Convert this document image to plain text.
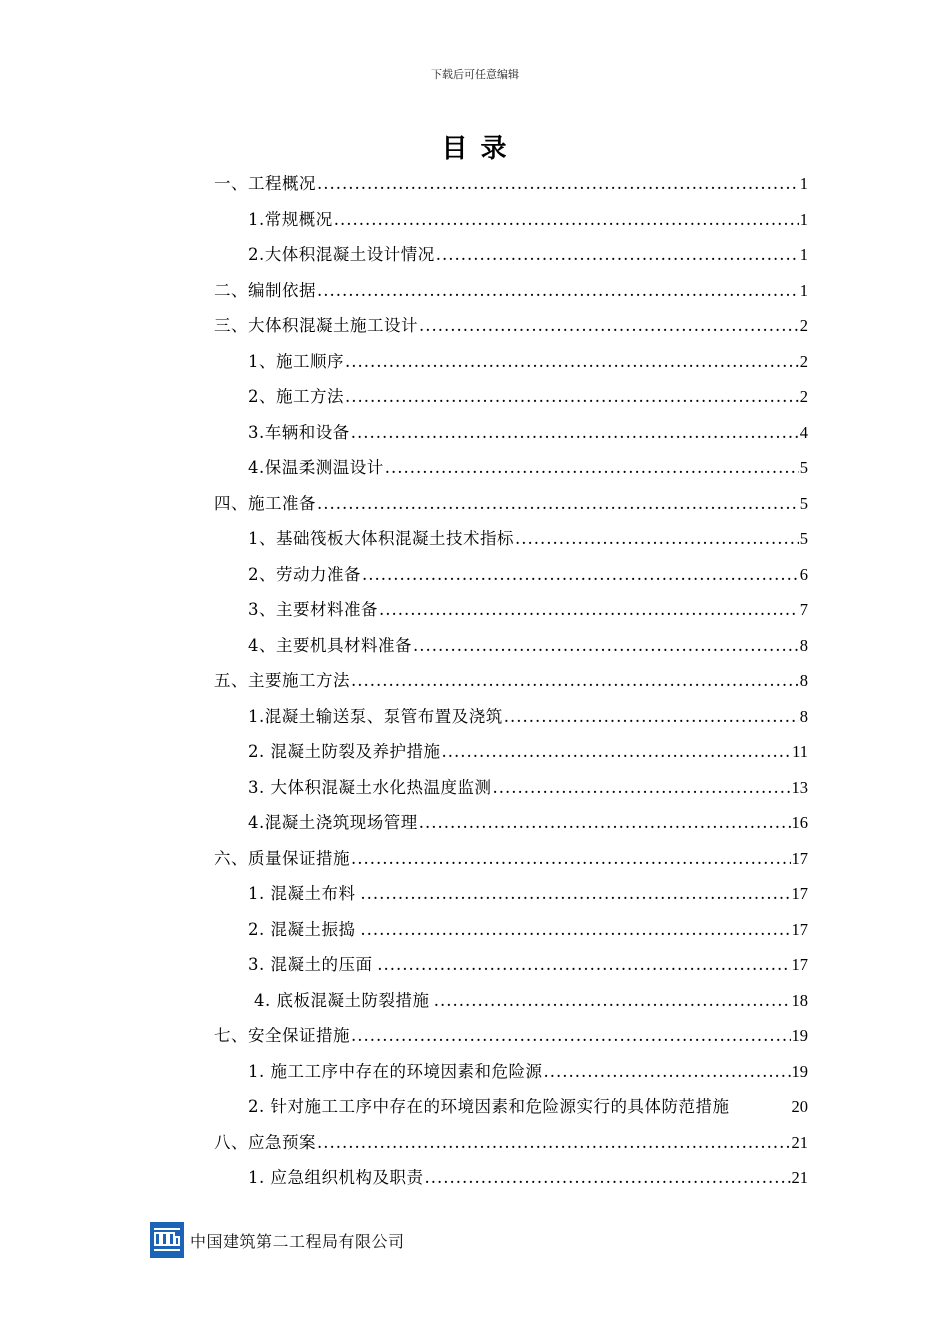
下载后可任意编辑
目 录
一、工程概况 .....	1
1.常规概况 .....	1
2.大体积混凝土设计情况 .....	1
二、编制依据 .....	1
三、大体积混凝土施工设计 .....	2
1、施工顺序 .....	2
2、施工方法 .....	2
3.车辆和设备 .....	4
4.保温柔测温设计 .....	5
四、施工准备 .....	5
1、基础筏板大体积混凝土技术指标 .....	5
2、劳动力准备 .....	6
3、主要材料准备 .....	7
4、主要机具材料准备 .....	8
五、主要施工方法 .....	8
1.混凝土输送泵、泵管布置及浇筑 .....	8
2. 混凝土防裂及养护措施 .....	11
3. 大体积混凝土水化热温度监测 .....	13
4.混凝土浇筑现场管理 .....	16
六、质量保证措施 .....	17
1. 混凝土布料 .....	17
2. 混凝土振捣 .....	17
3. 混凝土的压面 .....	17
4. 底板混凝土防裂措施 .....	18
七、安全保证措施 .....	19
1. 施工工序中存在的环境因素和危险源 .....	19
2. 针对施工工序中存在的环境因素和危险源实行的具体防范措施	20
八、应急预案 .....	21
1. 应急组织机构及职责 .....	21
中国建筑第二工程局有限公司
